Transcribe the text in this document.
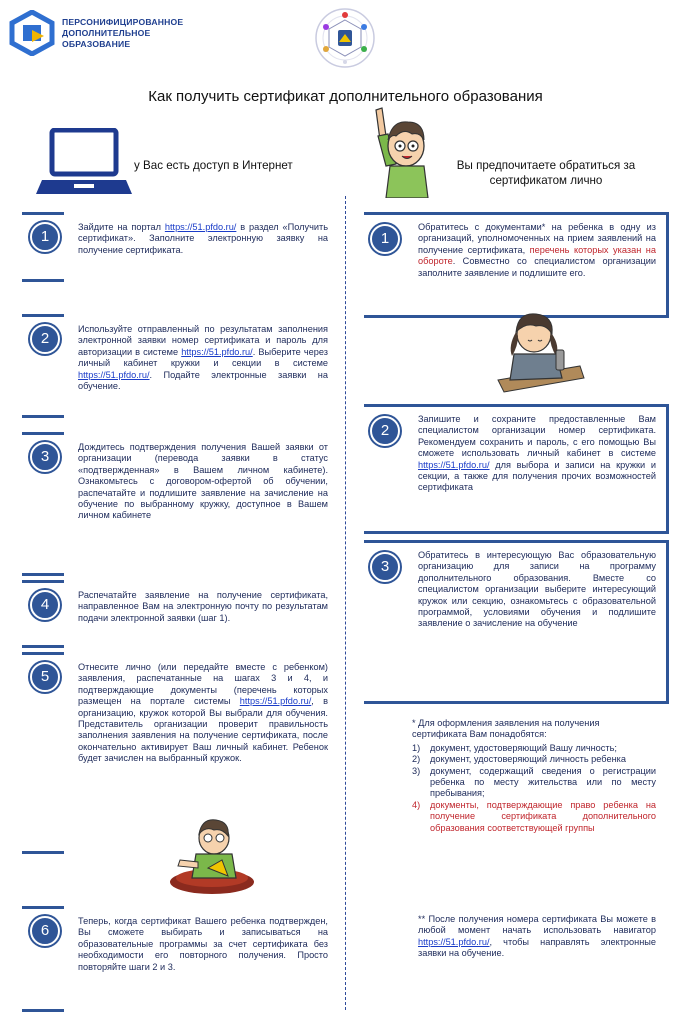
ПЕРСОНИФИЦИРОВАННОЕ
ДОПОЛНИТЕЛЬНОЕ
ОБРАЗОВАНИЕ
Как получить сертификат дополнительного образования
у Вас есть доступ в Интернет	Вы предпочитаете обратиться за
сертификатом лично
1
Зайдите на портал https://51.pfdo.ru/ в раздел «Получить сертификат». Заполните электронную заявку на получение сертификата.
2
Используйте отправленный по результатам заполнения электронной заявки номер сертификата и пароль для авторизации в системе https://51.pfdo.ru/. Выберите через личный кабинет кружки и секции в системе https://51.pfdo.ru/. Подайте электронные заявки на обучение.
3
Дождитесь подтверждения получения Вашей заявки от организации (перевода заявки в статус «подтвержденная» в Вашем личном кабинете). Ознакомьтесь с договором-офертой об обучении, распечатайте и подлишите заявление на зачисление на обучение по выбранному кружку, доступное в Вашем личном кабинете
4
Распечатайте заявление на получение сертификата, направленное Вам на электронную почту по результатам подачи электронной заявки (шаг 1).
5
Отнесите лично (или передайте вместе с ребенком) заявления, распечатанные на шагах 3 и 4, и подтверждающие документы (перечень которых размещен на портале системы https://51.pfdo.ru/, в организацию, кружок которой Вы выбрали для обучения. Представитель организации проверит правильность заполнения заявления на получение сертификата, после окончательно активирует Ваш личный кабинет. Ребенок будет зачислен на выбранный кружок.
6
Теперь, когда сертификат Вашего ребенка подтвержден, Вы сможете выбирать и записываться на образовательные программы за счет сертификата без необходимости его повторного получения. Просто повторяйте шаги 2 и 3.
1
Обратитесь с документами* на ребенка в одну из организаций, уполномоченных на прием заявлений на получение сертификата, перечень которых указан на обороте. Совместно со специалистом организации заполните заявление и подлишите его.
2
Запишите и сохраните предоставленные Вам специалистом организации номер сертификата. Рекомендуем сохранить и пароль, с его помощью Вы сможете использовать личный кабинет в системе https://51.pfdo.ru/ для выбора и записи на кружки и секции, а также для получения прочих возможностей сертификата
3
Обратитесь в интересующую Вас образовательную организацию для записи на программу дополнительного образования. Вместе со специалистом организации выберите интересующий кружок или секцию, ознакомьтесь с образовательной программой, условиями обучения и подлишите заявление о зачисление на обучение
* Для оформления заявления на получения сертификата Вам понадобятся:
1)	документ, удостоверяющий Вашу личность;
2)	документ, удостоверяющий личность ребенка
3)	документ, содержащий сведения о регистрации ребенка по месту жительства или по месту пребывания;
4)	документы, подтверждающие право ребенка на получение сертификата дополнительного образования соответствующей группы
** После получения номера сертификата Вы можете в любой момент начать использовать навигатор https://51.pfdo.ru/, чтобы направлять электронные заявки на обучение.
